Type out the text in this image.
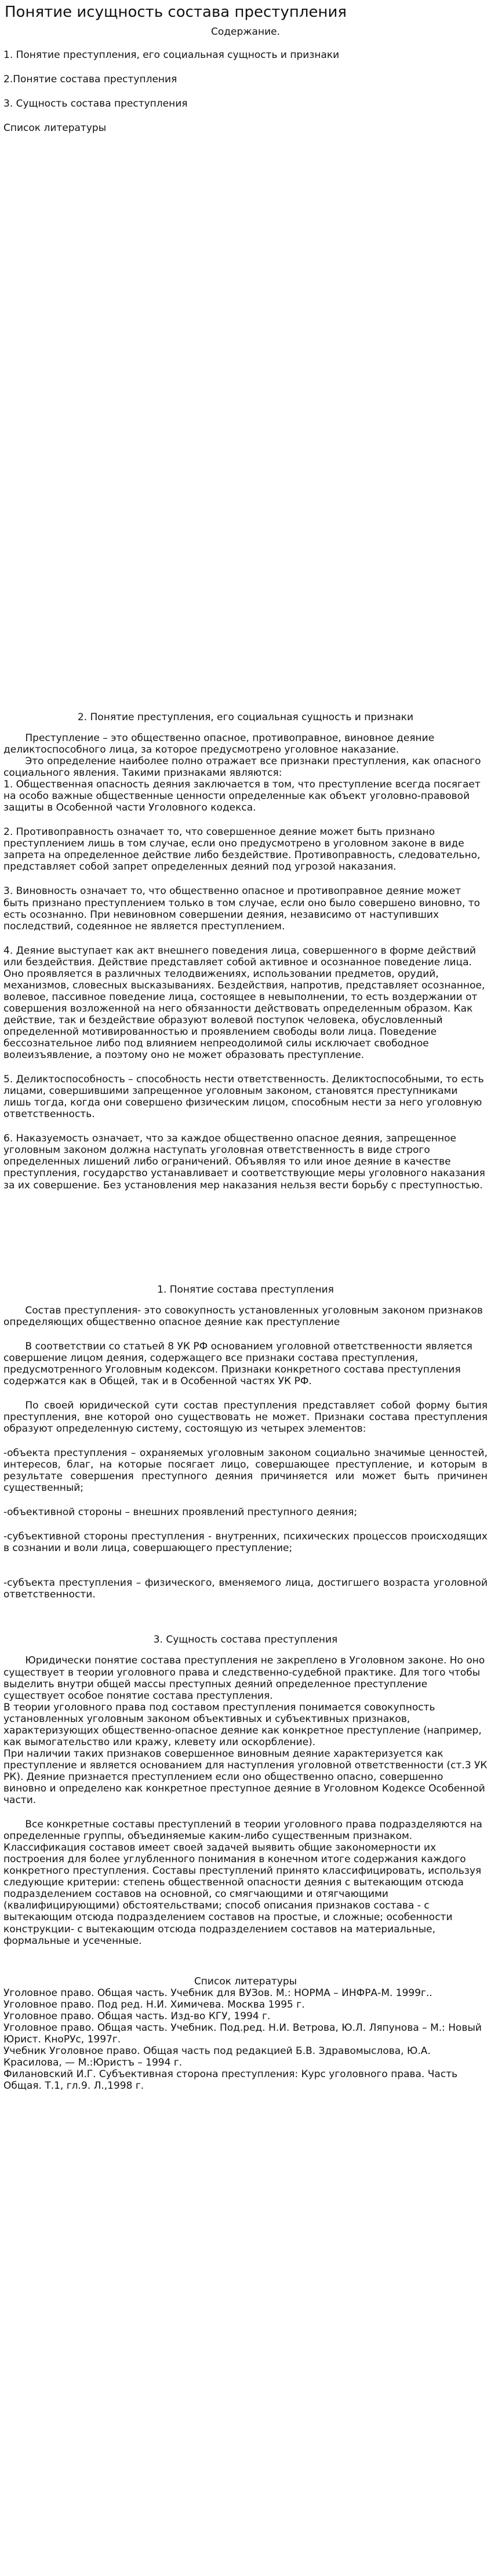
Понятие исущность состава преступления

Содержание.

1. Понятие преступления, его социальная сущность и признаки

2.Понятие состава преступления

3. Сущность состава преступления

Список литературы

2. Понятие преступления, его социальная сущность и признаки

Преступление – это общественно опасное, противоправное, виновное деяние деликтоспособного лица, за которое предусмотрено уголовное наказание.

Это определение наиболее полно отражает все признаки преступления, как опасного социального явления. Такими признаками являются:

1. Общественная опасность деяния заключается в том, что преступление всегда посягает на особо важные общественные ценности определенные как объект уголовно-правовой защиты в Особенной части Уголовного кодекса.

2. Противоправность означает то, что совершенное деяние может быть признано преступлением лишь в том случае, если оно предусмотрено в уголовном законе в виде запрета на определенное действие либо бездействие. Противоправность, следовательно, представляет собой запрет определенных деяний под угрозой наказания.

3. Виновность означает то, что общественно опасное и противоправное деяние может быть признано преступлением только в том случае, если оно было совершено виновно, то есть осознанно. При невиновном совершении деяния, независимо от наступивших последствий, содеянное не является преступлением.

4. Деяние выступает как акт внешнего поведения лица, совершенного в форме действий или бездействия. Действие представляет собой активное и осознанное поведение лица. Оно проявляется в различных телодвижениях, использовании предметов, орудий, механизмов, словесных высказываниях. Бездействия, напротив, представляет осознанное, волевое, пассивное поведение лица, состоящее в невыполнении, то есть воздержании от совершения возложенной на него обязанности действовать определенным образом. Как действие, так и бездействие образуют волевой поступок человека, обусловленный определенной мотивированностью и проявлением свободы воли лица. Поведение бессознательное либо под влиянием непреодолимой силы исключает свободное волеизъявление, а поэтому оно не может образовать преступление.

5. Деликтоспособность – способность нести ответственность. Деликтоспособными, то есть лицами, совершившими запрещенное уголовным законом, становятся преступниками лишь тогда, когда они совершено физическим лицом, способным нести за него уголовную ответственность.

6. Наказуемость означает, что за каждое общественно опасное деяния, запрещенное уголовным законом должна наступать уголовная ответственность в виде строго определенных лишений либо ограничений. Объявляя то или иное деяние в качестве преступления, государство устанавливает и соответствующие меры уголовного наказания за их совершение. Без установления мер наказания нельзя вести борьбу с преступностью.

1. Понятие состава преступления

Состав преступления- это совокупность установленных уголовным законом признаков определяющих общественно опасное деяние как преступление

В соответствии со статьей 8 УК РФ основанием уголовной ответственности является совершение лицом деяния, содержащего все признаки состава преступления, предусмотренного Уголовным кодексом. Признаки конкретного состава преступления содержатся как в Общей, так и в Особенной частях УК РФ.

По своей юридической сути состав преступления представляет собой форму бытия преступления, вне которой оно существовать не может. Признаки состава преступления образуют определенную систему, состоящую из четырех элементов:

-объекта преступления – охраняемых уголовным законом социально значимые ценностей, интересов, благ, на которые посягает лицо, совершающее преступление, и которым в результате совершения преступного деяния причиняется или может быть причинен существенный;

-объективной стороны – внешних проявлений преступного деяния;

-субъективной стороны преступления - внутренних, психических процессов происходящих в сознании и воли лица, совершающего преступление;

-субъекта преступления – физического, вменяемого лица, достигшего возраста уголовной ответственности.

3. Сущность состава преступления

Юридически понятие состава преступления не закреплено в Уголовном законе. Но оно существует в теории уголовного права и следственно-судебной практике. Для того чтобы выделить внутри общей массы преступных деяний определенное преступление существует особое понятие состава преступления.

В теории уголовного права под составом преступления понимается совокупность установленных уголовным законом объективных и субъективных признаков, характеризующих общественно-опасное деяние как конкретное преступление (например, как вымогательство или кражу, клевету или оскорбление).

При наличии таких признаков совершенное виновным деяние характеризуется как преступление и является основанием для наступления уголовной ответственности (ст.3 УК РК). Деяние признается преступлением если оно общественно опасно, совершенно виновно и определено как конкретное преступное деяние в Уголовном Кодексе Особенной части.

Все конкретные составы преступлений в теории уголовного права подразделяются на определенные группы, объединяемые каким-либо существенным признаком. Классификация составов имеет своей задачей выявить общие закономерности их построения для более углубленного понимания в конечном итоге содержания каждого конкретного преступления. Составы преступлений принято классифицировать, используя следующие критерии: степень общественной опасности деяния с вытекающим отсюда подразделением составов на основной, со смягчающими и отягчающими (квалифицирующими) обстоятельствами; способ описания признаков состава - с вытекающим отсюда подразделением составов на простые, и сложные; особенности конструкции- с вытекающим отсюда подразделением составов на материальные, формальные и усеченные.

Список литературы

Уголовное право. Общая часть. Учебник для ВУЗов. М.: НОРМА – ИНФРА-М. 1999г.. Уголовное право. Под ред. Н.И. Химичева. Москва 1995 г.

Уголовное право. Общая часть. Изд-во КГУ, 1994 г.

Уголовное право. Общая часть. Учебник. Под.ред. Н.И. Ветрова, Ю.Л. Ляпунова – М.: Новый Юрист. КноРУс, 1997г.

Учебник Уголовное право. Общая часть под редакцией Б.В. Здравомыслова, Ю.А. Красилова, — М.:Юристъ – 1994 г.

Филановский И.Г. Субъективная сторона преступления: Курс уголовного права. Часть Общая. Т.1, гл.9. Л.,1998 г.
